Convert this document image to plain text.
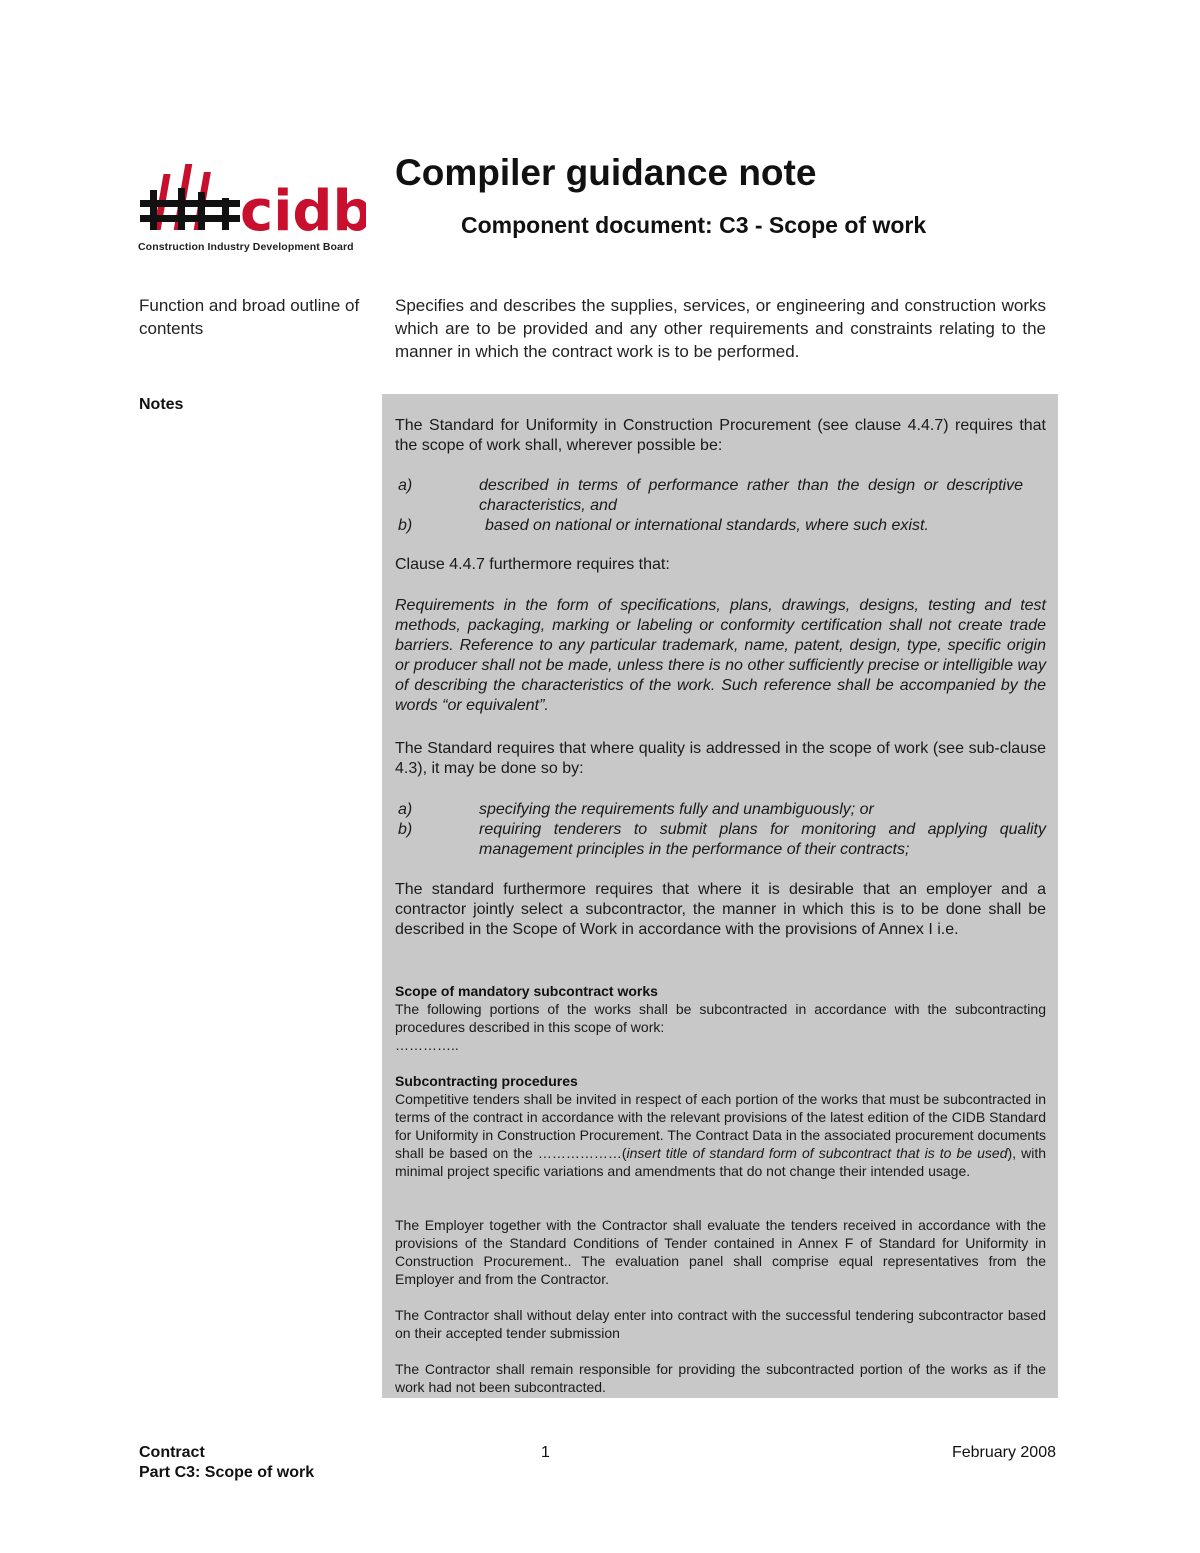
cidb
Construction Industry Development Board
Compiler guidance note
Component document: C3 - Scope of work
Function and broad outline of contents
Specifies and describes the supplies, services, or engineering and construction works which are to be provided and any other requirements and constraints relating to the manner in which the contract work is to be performed.
Notes

The Standard for Uniformity in Construction Procurement (see clause 4.4.7) requires that the scope of work shall, wherever possible be:

a)	described in terms of performance rather than the design or descriptive characteristics, and
b)	based on national or international standards, where such exist.

Clause 4.4.7 furthermore requires that:

Requirements in the form of specifications, plans, drawings, designs, testing and test methods, packaging, marking or labeling or conformity certification shall not create trade barriers. Reference to any particular trademark, name, patent, design, type, specific origin or producer shall not be made, unless there is no other sufficiently precise or intelligible way of describing the characteristics of the work. Such reference shall be accompanied by the words “or equivalent”.

The Standard requires that where quality is addressed in the scope of work (see sub-clause 4.3), it may be done so by:

a)	specifying the requirements fully and unambiguously; or
b)	requiring tenderers to submit plans for monitoring and applying quality management principles in the performance of their contracts;

The standard furthermore requires that where it is desirable that an employer and a contractor jointly select a subcontractor, the manner in which this is to be done shall be described in the Scope of Work in accordance with the provisions of Annex I i.e.

Scope of mandatory subcontract works

The following portions of the works shall be subcontracted in accordance with the subcontracting procedures described in this scope of work:

…………..

Subcontracting procedures

Competitive tenders shall be invited in respect of each portion of the works that must be subcontracted in terms of the contract in accordance with the relevant provisions of the latest edition of the CIDB Standard for Uniformity in Construction Procurement. The Contract Data in the associated procurement documents shall be based on the ………………(insert title of standard form of subcontract that is to be used), with minimal project specific variations and amendments that do not change their intended usage.

The Employer together with the Contractor shall evaluate the tenders received in accordance with the provisions of the Standard Conditions of Tender contained in Annex F of Standard for Uniformity in Construction Procurement.. The evaluation panel shall comprise equal representatives from the Employer and from the Contractor.

The Contractor shall without delay enter into contract with the successful tendering subcontractor based on their accepted tender submission

The Contractor shall remain responsible for providing the subcontracted portion of the works as if the work had not been subcontracted.

Contract
Part C3: Scope of work
1	February 2008
